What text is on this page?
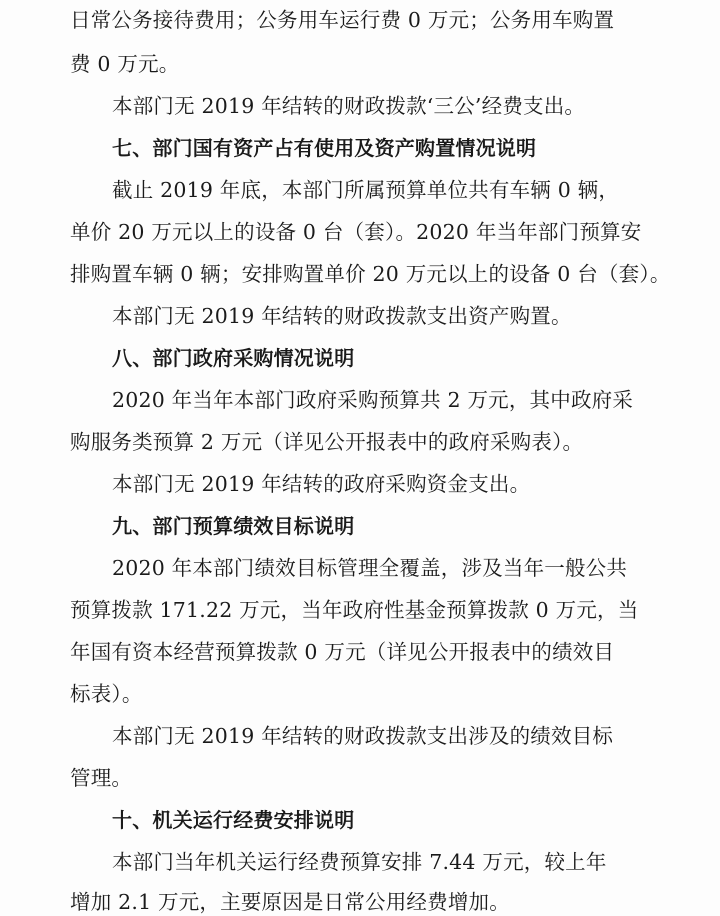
日常公务接待费用；公务用车运行费 0 万元；公务用车购置
费 0 万元。
本部门无 2019 年结转的财政拨款‘三公’经费支出。
七、部门国有资产占有使用及资产购置情况说明
截止 2019 年底，本部门所属预算单位共有车辆 0 辆，
单价 20 万元以上的设备 0 台（套）。2020 年当年部门预算安
排购置车辆 0 辆；安排购置单价 20 万元以上的设备 0 台（套）。
本部门无 2019 年结转的财政拨款支出资产购置。
八、部门政府采购情况说明
2020 年当年本部门政府采购预算共 2 万元，其中政府采
购服务类预算 2 万元（详见公开报表中的政府采购表）。
本部门无 2019 年结转的政府采购资金支出。
九、部门预算绩效目标说明
2020 年本部门绩效目标管理全覆盖，涉及当年一般公共
预算拨款 171.22 万元，当年政府性基金预算拨款 0 万元，当
年国有资本经营预算拨款 0 万元（详见公开报表中的绩效目
标表）。
本部门无 2019 年结转的财政拨款支出涉及的绩效目标
管理。
十、机关运行经费安排说明
本部门当年机关运行经费预算安排 7.44 万元，较上年
增加 2.1 万元，主要原因是日常公用经费增加。
